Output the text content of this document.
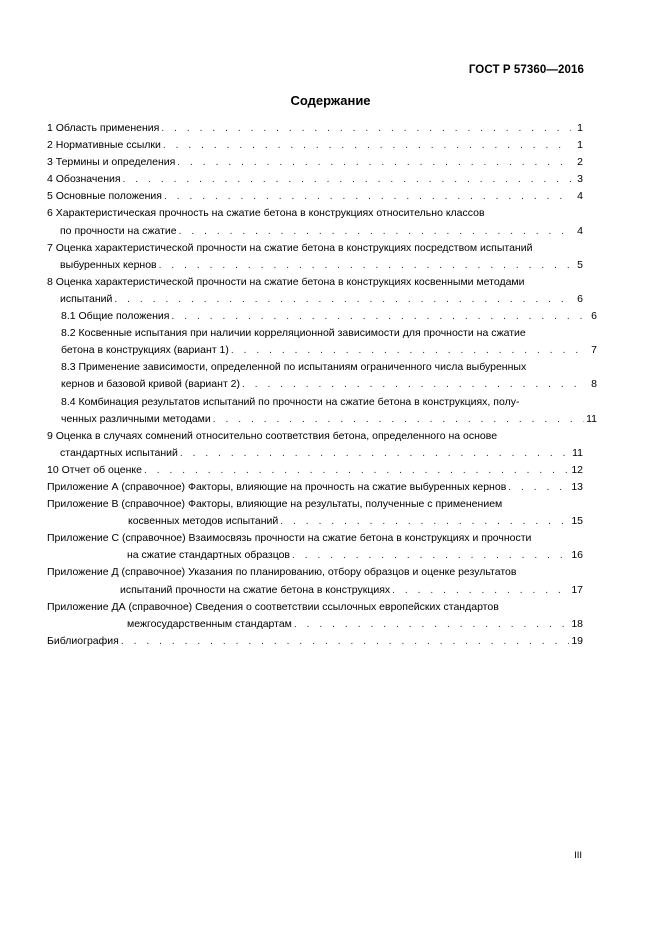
ГОСТ Р 57360—2016
Содержание
1 Область применения . . .	1
2 Нормативные ссылки . . .	1
3 Термины и определения . . .	2
4 Обозначения . . .	3
5 Основные положения . . .	4
6 Характеристическая прочность на сжатие бетона в конструкциях относительно классов
по прочности на сжатие . . .	4
7 Оценка характеристической прочности на сжатие бетона в конструкциях посредством испытаний
выбуренных кернов . . .	5
8 Оценка характеристической прочности на сжатие бетона в конструкциях косвенными методами
испытаний . . .	6
8.1 Общие положения . . .	6
8.2 Косвенные испытания при наличии корреляционной зависимости для прочности на сжатие
бетона в конструкциях (вариант 1) . . .	7
8.3 Применение зависимости, определенной по испытаниям ограниченного числа выбуренных
кернов и базовой кривой (вариант 2) . . .	8
8.4 Комбинация результатов испытаний по прочности на сжатие бетона в конструкциях, полу-
ченных различными методами . . .	11
9 Оценка в случаях сомнений относительно соответствия бетона, определенного на основе
стандартных испытаний . . .	11
10 Отчет об оценке . . .	12
Приложение А (справочное) Факторы, влияющие на прочность на сжатие выбуренных кернов . . .	13
Приложение В (справочное) Факторы, влияющие на результаты, полученные с применением
косвенных методов испытаний . . .	15
Приложение С (справочное) Взаимосвязь прочности на сжатие бетона в конструкциях и прочности
на сжатие стандартных образцов . . .	16
Приложение Д (справочное) Указания по планированию, отбору образцов и оценке результатов
испытаний прочности на сжатие бетона в конструкциях . . .	17
Приложение ДА (справочное) Сведения о соответствии ссылочных европейских стандартов
межгосударственным стандартам . . .	18
Библиография . . .	19
III
